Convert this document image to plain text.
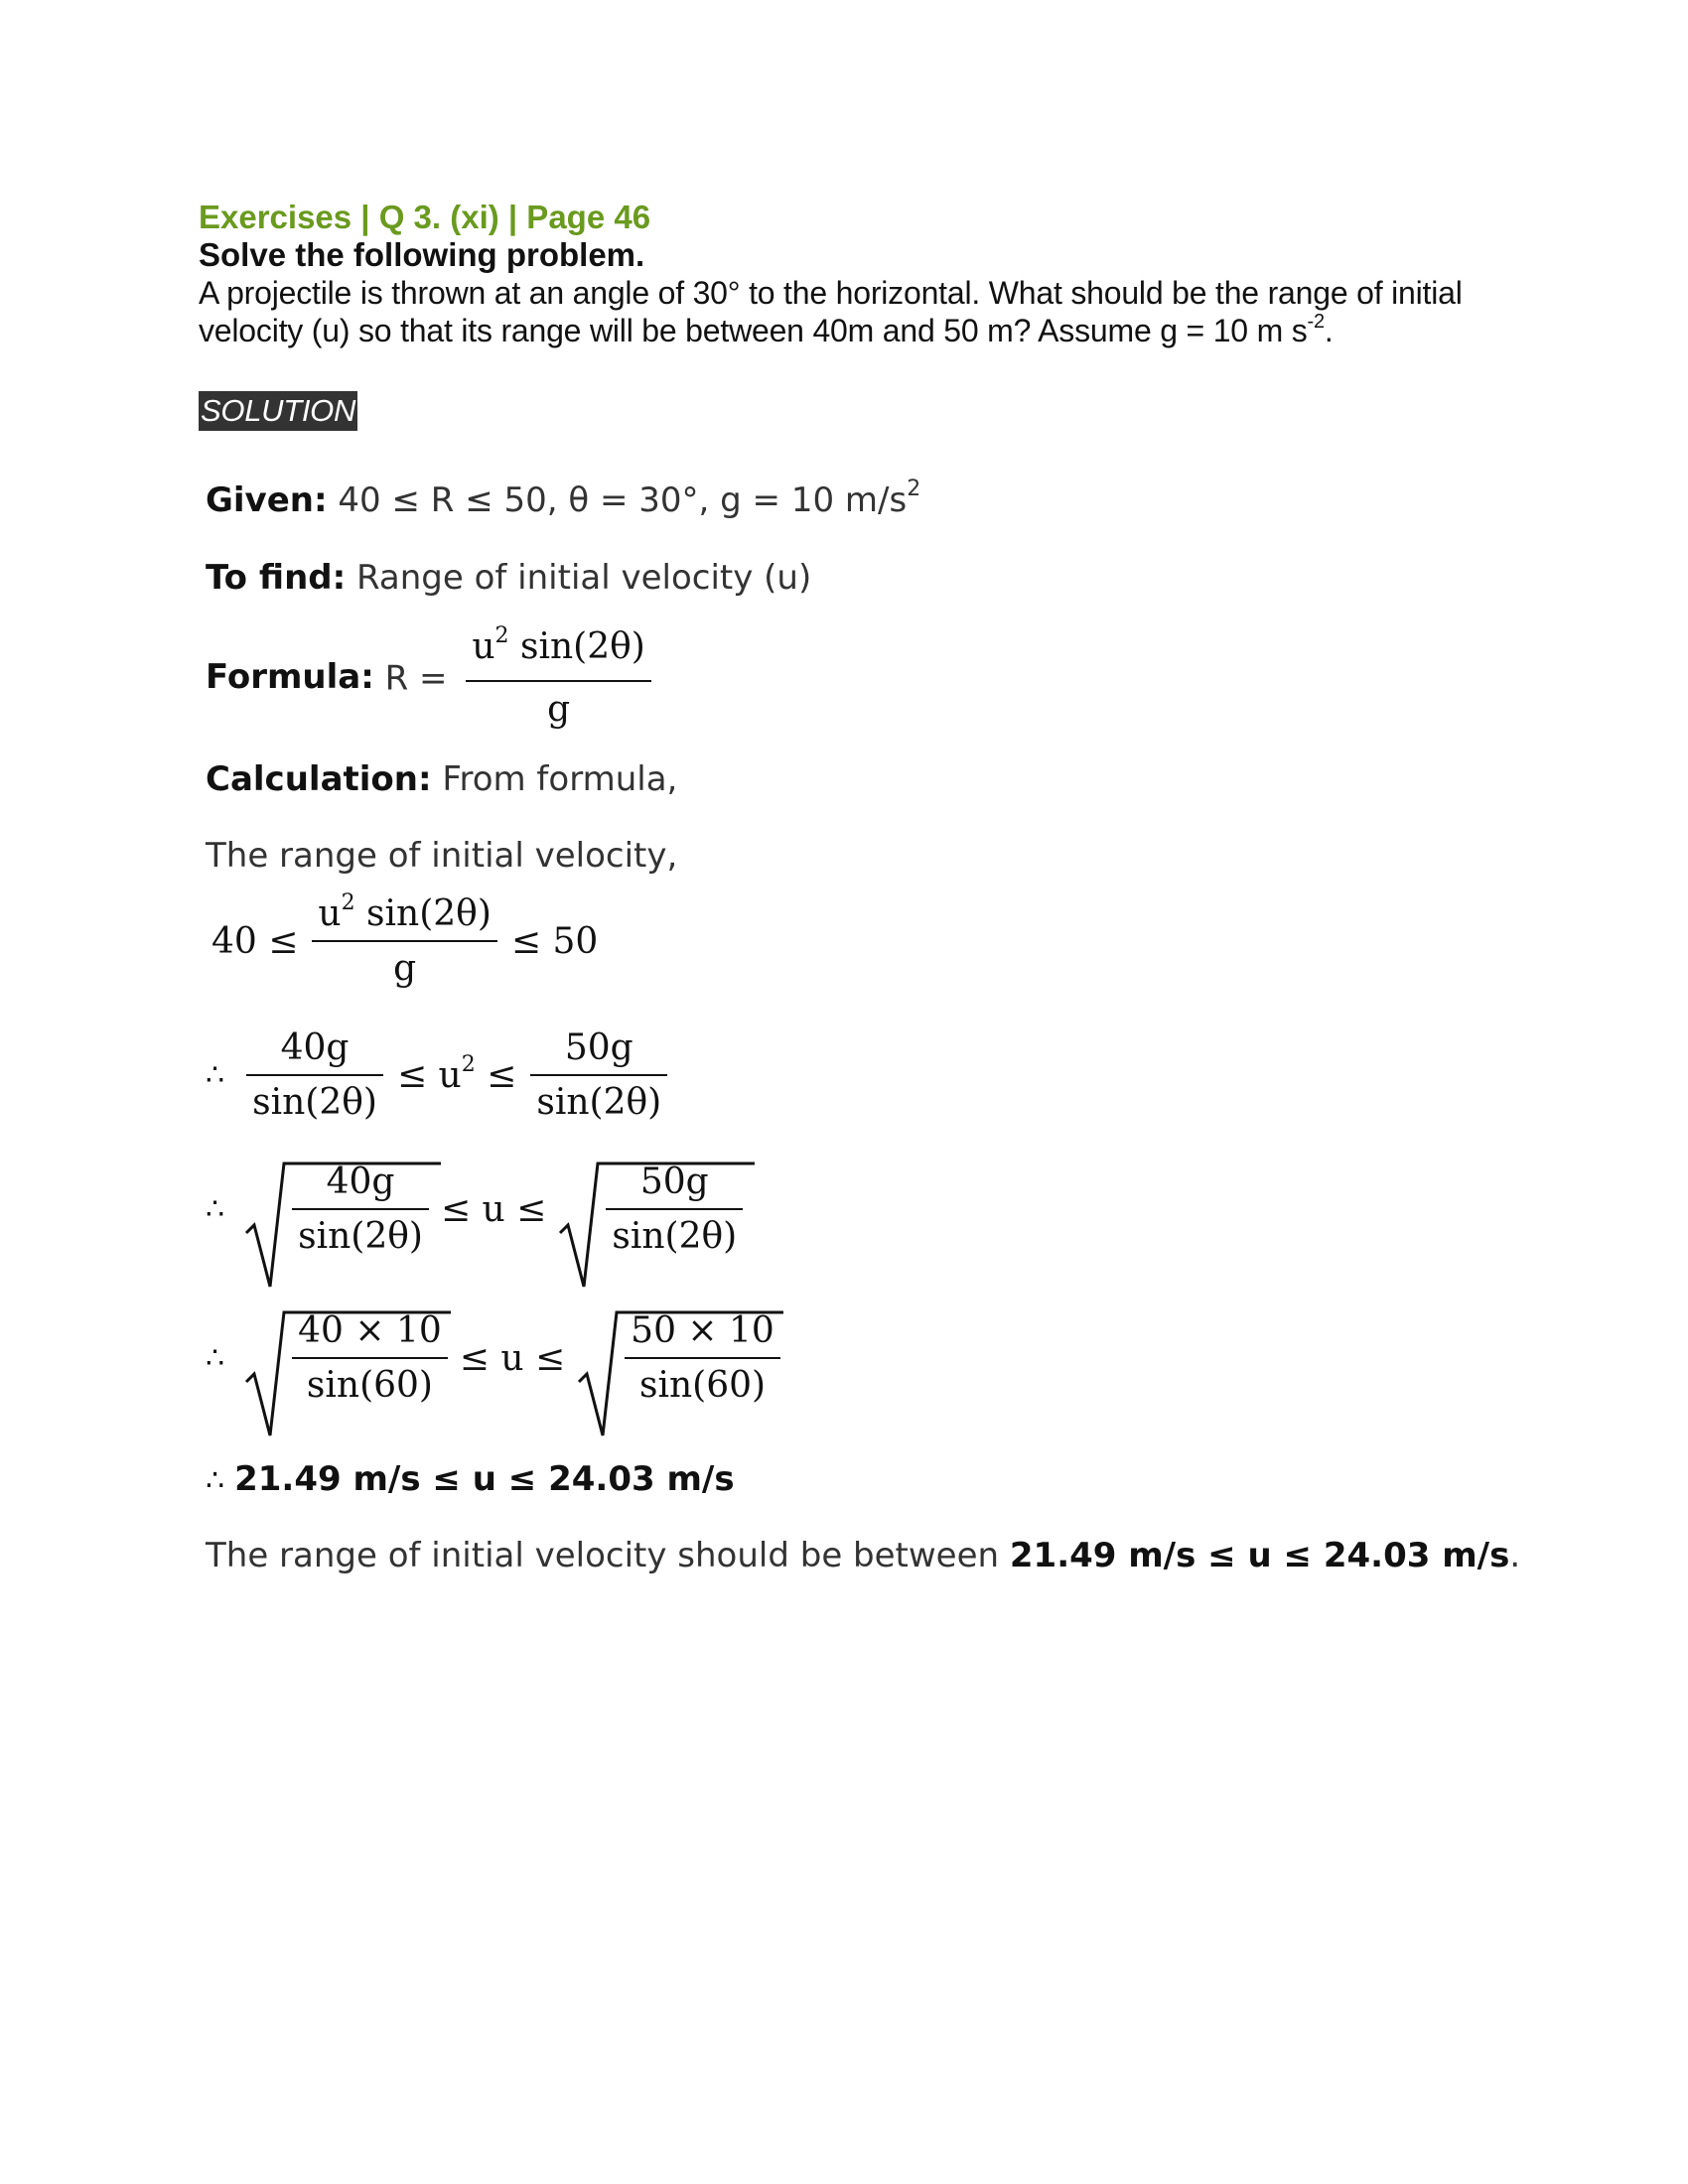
Exercises | Q 3. (xi) | Page 46
Solve the following problem.
A projectile is thrown at an angle of 30° to the horizontal. What should be the range of initial velocity (u) so that its range will be between 40m and 50 m? Assume g = 10 m $s^{-2}$.
SOLUTION
Given: 40 ≤ R ≤ 50, θ = 30°, g = 10 $m/s^2$
To find: Range of initial velocity (u)
Formula: $R = \frac{u^2 \sin(2\theta)}{g}$
Calculation: From formula,
The range of initial velocity,
$40 \le \frac{u^2 \sin(2\theta)}{g} \le 50$
∴ $\frac{40g}{\sin(2\theta)} \le u^2 \le \frac{50g}{\sin(2\theta)}$
∴ $\frac{40g}{\sin(2\theta)} \le u \le \frac{50g}{\sin(2\theta)}$
∴ $\frac{40 \times 10}{\sin(60)} \le u \le \frac{50 \times 10}{\sin(60)}$
∴ 21.49 m/s ≤ u ≤ 24.03 m/s
The range of initial velocity should be between 21.49 m/s ≤ u ≤ 24.03 m/s.
